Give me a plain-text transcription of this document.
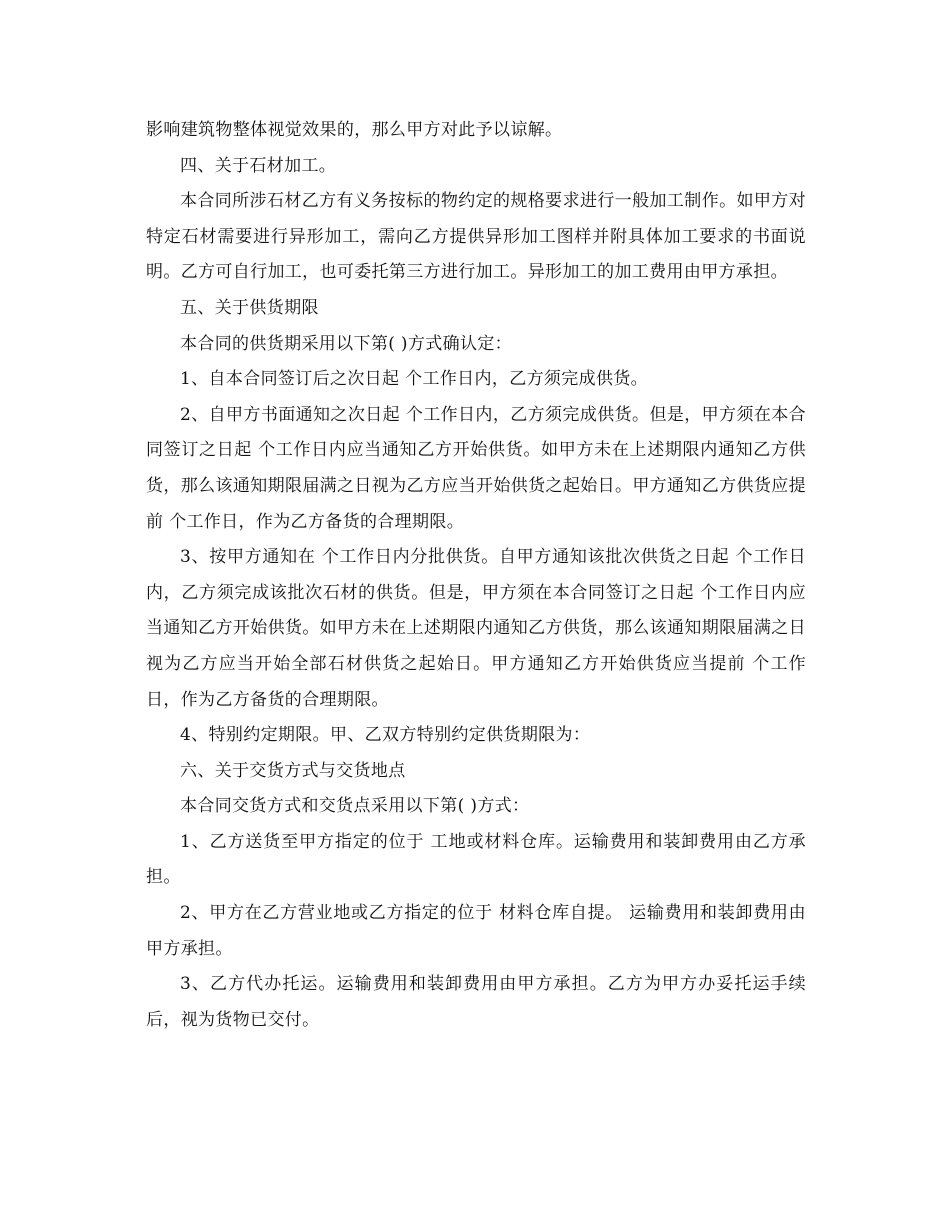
影响建筑物整体视觉效果的，那么甲方对此予以谅解。

四、关于石材加工。

本合同所涉石材乙方有义务按标的物约定的规格要求进行一般加工制作。如甲方对特定石材需要进行异形加工，需向乙方提供异形加工图样并附具体加工要求的书面说明。乙方可自行加工，也可委托第三方进行加工。异形加工的加工费用由甲方承担。

五、关于供货期限

本合同的供货期采用以下第( )方式确认定：

1、自本合同签订后之次日起 个工作日内，乙方须完成供货。

2、自甲方书面通知之次日起 个工作日内，乙方须完成供货。但是，甲方须在本合同签订之日起 个工作日内应当通知乙方开始供货。如甲方未在上述期限内通知乙方供货，那么该通知期限届满之日视为乙方应当开始供货之起始日。甲方通知乙方供货应提前 个工作日，作为乙方备货的合理期限。

3、按甲方通知在 个工作日内分批供货。自甲方通知该批次供货之日起 个工作日内，乙方须完成该批次石材的供货。但是，甲方须在本合同签订之日起 个工作日内应当通知乙方开始供货。如甲方未在上述期限内通知乙方供货，那么该通知期限届满之日视为乙方应当开始全部石材供货之起始日。甲方通知乙方开始供货应当提前 个工作日，作为乙方备货的合理期限。

4、特别约定期限。甲、乙双方特别约定供货期限为：

六、关于交货方式与交货地点

本合同交货方式和交货点采用以下第( )方式：

1、乙方送货至甲方指定的位于 工地或材料仓库。运输费用和装卸费用由乙方承担。

2、甲方在乙方营业地或乙方指定的位于 材料仓库自提。 运输费用和装卸费用由甲方承担。

3、乙方代办托运。运输费用和装卸费用由甲方承担。乙方为甲方办妥托运手续后，视为货物已交付。
